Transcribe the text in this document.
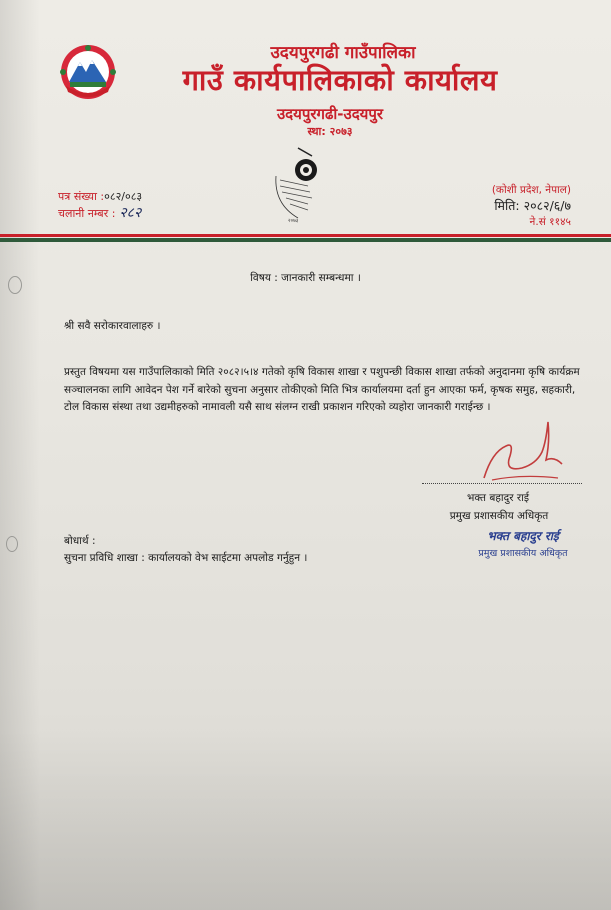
उदयपुरगढी गाउँपालिका
गाउँ कार्यपालिकाको कार्यालय
उदयपुरगढी-उदयपुर
स्था: २०७३
२०७३
पत्र संख्या :०८२/०८३
चलानी नम्बर : २८२
(कोशी प्रदेश, नेपाल)
मिति: २०८२/६/७
ने.सं ११४५
विषय : जानकारी सम्बन्धमा ।
श्री सवै सरोकारवालाहरु ।
प्रस्तुत विषयमा यस गाउँपालिकाको मिति २०८२।५।४ गतेको कृषि विकास शाखा र पशुपन्छी विकास शाखा तर्फको अनुदानमा कृषि कार्यक्रम सञ्चालनका लागि आवेदन पेश गर्ने बारेको सुचना अनुसार तोकीएको मिति भित्र कार्यालयमा दर्ता हुन आएका फर्म, कृषक समुह, सहकारी, टोल विकास संस्था तथा उद्यमीहरुको नामावली यसै साथ संलग्न राखी प्रकाशन गरिएको व्यहोरा जानकारी गराईन्छ ।
भक्त बहादुर राई
प्रमुख प्रशासकीय अधिकृत
भक्त बहादुर राई
प्रमुख प्रशासकीय अधिकृत
बोधार्थ :
सुचना प्रविधि शाखा : कार्यालयको वेभ साईटमा अपलोड गर्नुहुन ।
